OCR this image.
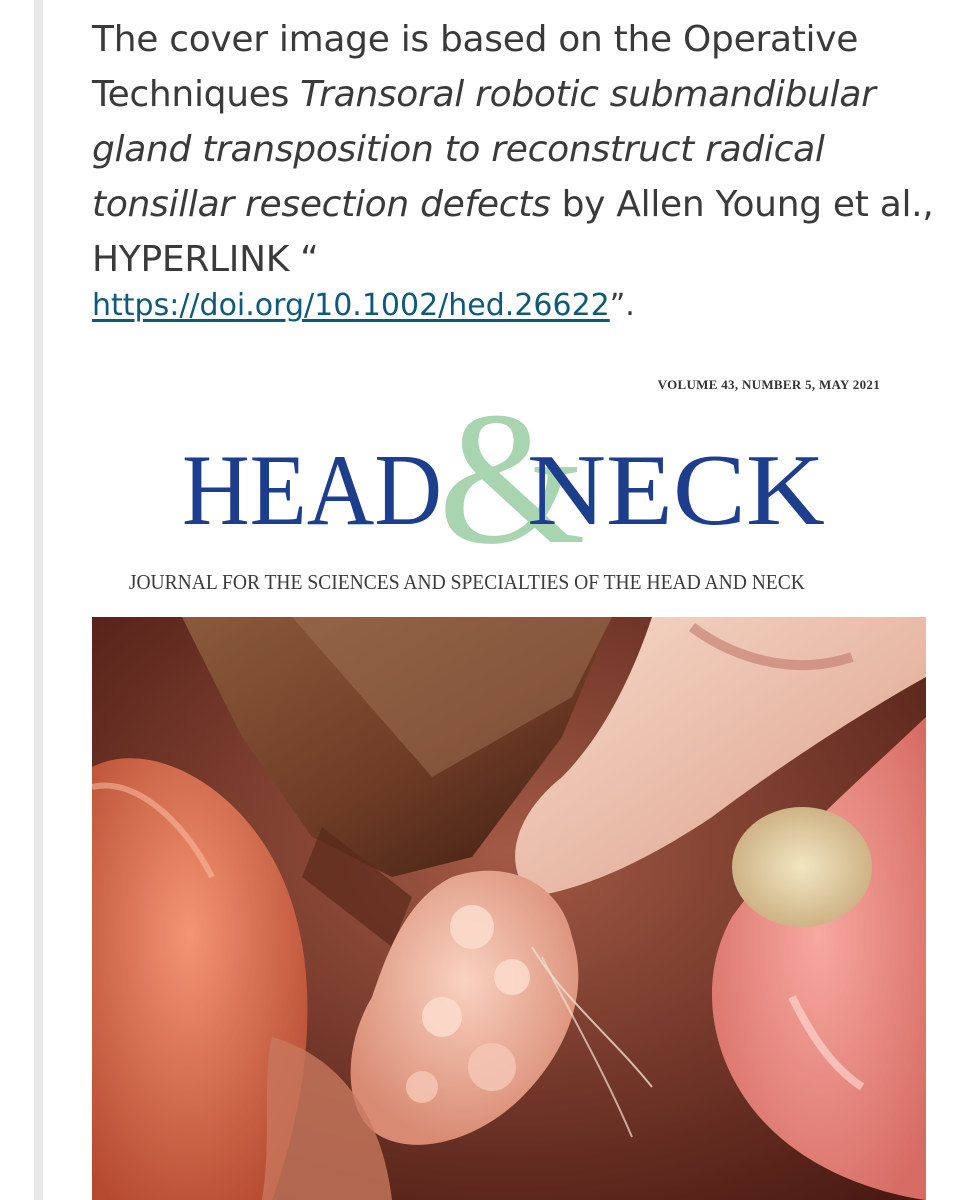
The cover image is based on the Operative Techniques Transoral robotic submandibular gland transposition to reconstruct radical tonsillar resection defects by Allen Young et al., HYPERLINK “
https://doi.org/10.1002/hed.26622”.
VOLUME 43, NUMBER 5, MAY 2021
&
HEAD NECK
JOURNAL FOR THE SCIENCES AND SPECIALTIES OF THE HEAD AND NECK
